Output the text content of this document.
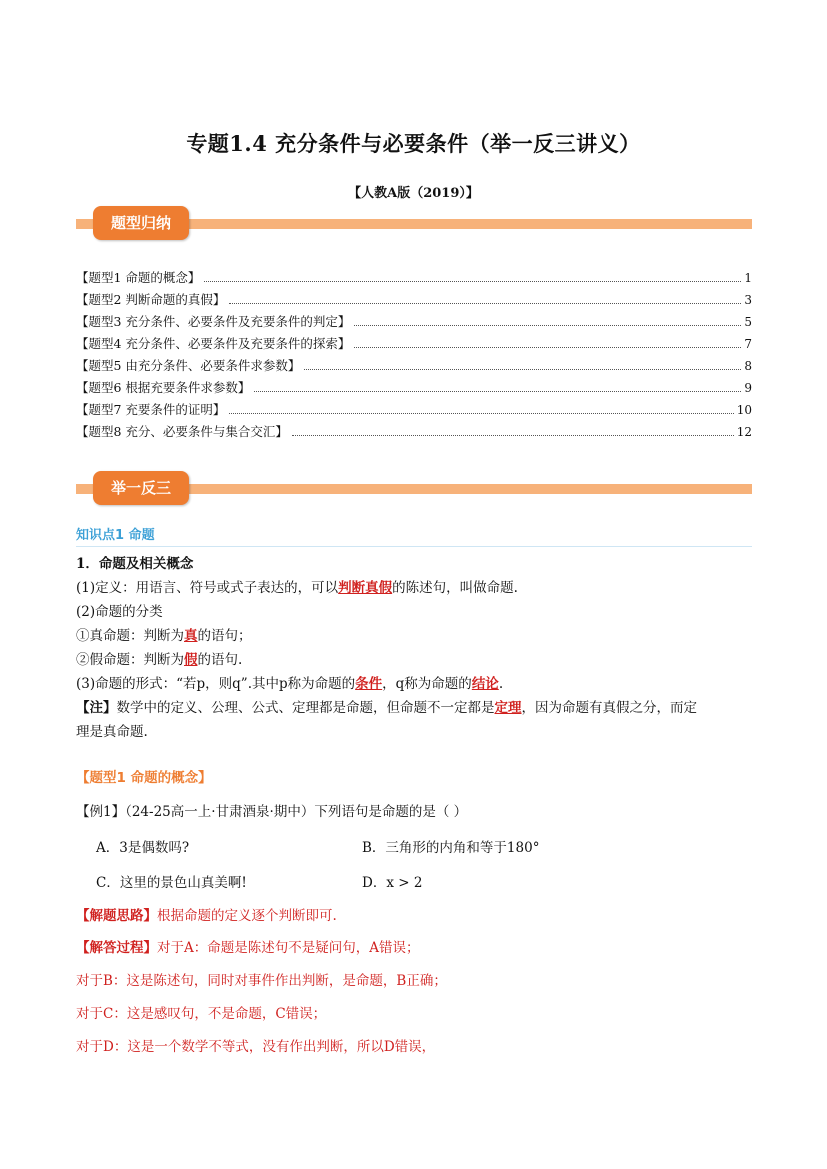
专题1.4 充分条件与必要条件（举一反三讲义）
【人教A版（2019）】
题型归纳
【题型1 命题的概念】	1
【题型2 判断命题的真假】	3
【题型3 充分条件、必要条件及充要条件的判定】	5
【题型4 充分条件、必要条件及充要条件的探索】	7
【题型5 由充分条件、必要条件求参数】	8
【题型6 根据充要条件求参数】	9
【题型7 充要条件的证明】	10
【题型8 充分、必要条件与集合交汇】	12
举一反三
知识点1 命题
1．命题及相关概念
(1)定义：用语言、符号或式子表达的，可以判断真假的陈述句，叫做命题.
(2)命题的分类
①真命题：判断为真的语句；
②假命题：判断为假的语句.
(3)命题的形式：“若p，则q”.其中p称为命题的条件，q称为命题的结论.
【注】数学中的定义、公理、公式、定理都是命题，但命题不一定都是定理，因为命题有真假之分，而定
理是真命题.
【题型1 命题的概念】
【例1】（24-25高一上·甘肃酒泉·期中）下列语句是命题的是（ ）
A．3是偶数吗?	B．三角形的内角和等于180°
C．这里的景色山真美啊!	D．x > 2
【解题思路】根据命题的定义逐个判断即可.
【解答过程】对于A：命题是陈述句不是疑问句，A错误；
对于B：这是陈述句，同时对事件作出判断，是命题，B正确；
对于C：这是感叹句，不是命题，C错误；
对于D：这是一个数学不等式，没有作出判断，所以D错误，
